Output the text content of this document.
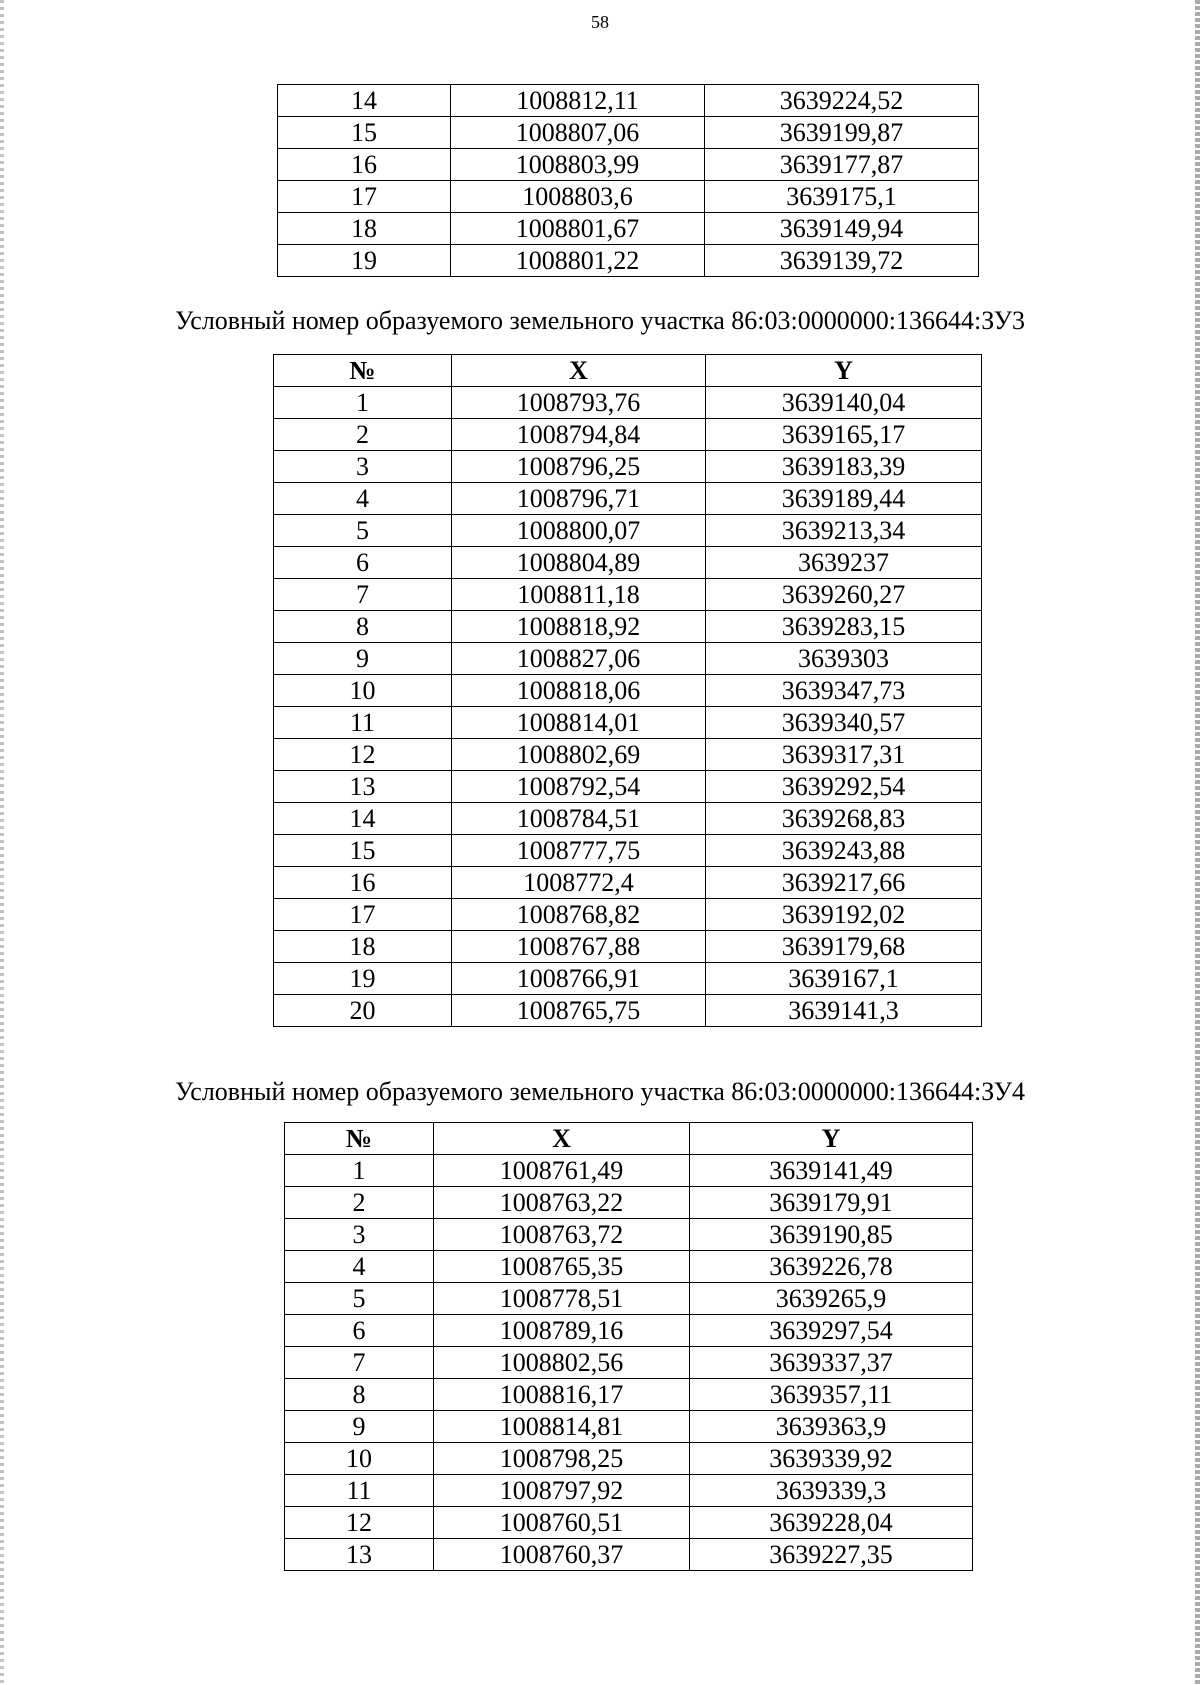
58
14	1008812,11	3639224,52
15	1008807,06	3639199,87
16	1008803,99	3639177,87
17	1008803,6	3639175,1
18	1008801,67	3639149,94
19	1008801,22	3639139,72
Условный номер образуемого земельного участка 86:03:0000000:136644:ЗУ3
№	X	Y
1	1008793,76	3639140,04
2	1008794,84	3639165,17
3	1008796,25	3639183,39
4	1008796,71	3639189,44
5	1008800,07	3639213,34
6	1008804,89	3639237
7	1008811,18	3639260,27
8	1008818,92	3639283,15
9	1008827,06	3639303
10	1008818,06	3639347,73
11	1008814,01	3639340,57
12	1008802,69	3639317,31
13	1008792,54	3639292,54
14	1008784,51	3639268,83
15	1008777,75	3639243,88
16	1008772,4	3639217,66
17	1008768,82	3639192,02
18	1008767,88	3639179,68
19	1008766,91	3639167,1
20	1008765,75	3639141,3
Условный номер образуемого земельного участка 86:03:0000000:136644:ЗУ4
№	X	Y
1	1008761,49	3639141,49
2	1008763,22	3639179,91
3	1008763,72	3639190,85
4	1008765,35	3639226,78
5	1008778,51	3639265,9
6	1008789,16	3639297,54
7	1008802,56	3639337,37
8	1008816,17	3639357,11
9	1008814,81	3639363,9
10	1008798,25	3639339,92
11	1008797,92	3639339,3
12	1008760,51	3639228,04
13	1008760,37	3639227,35
